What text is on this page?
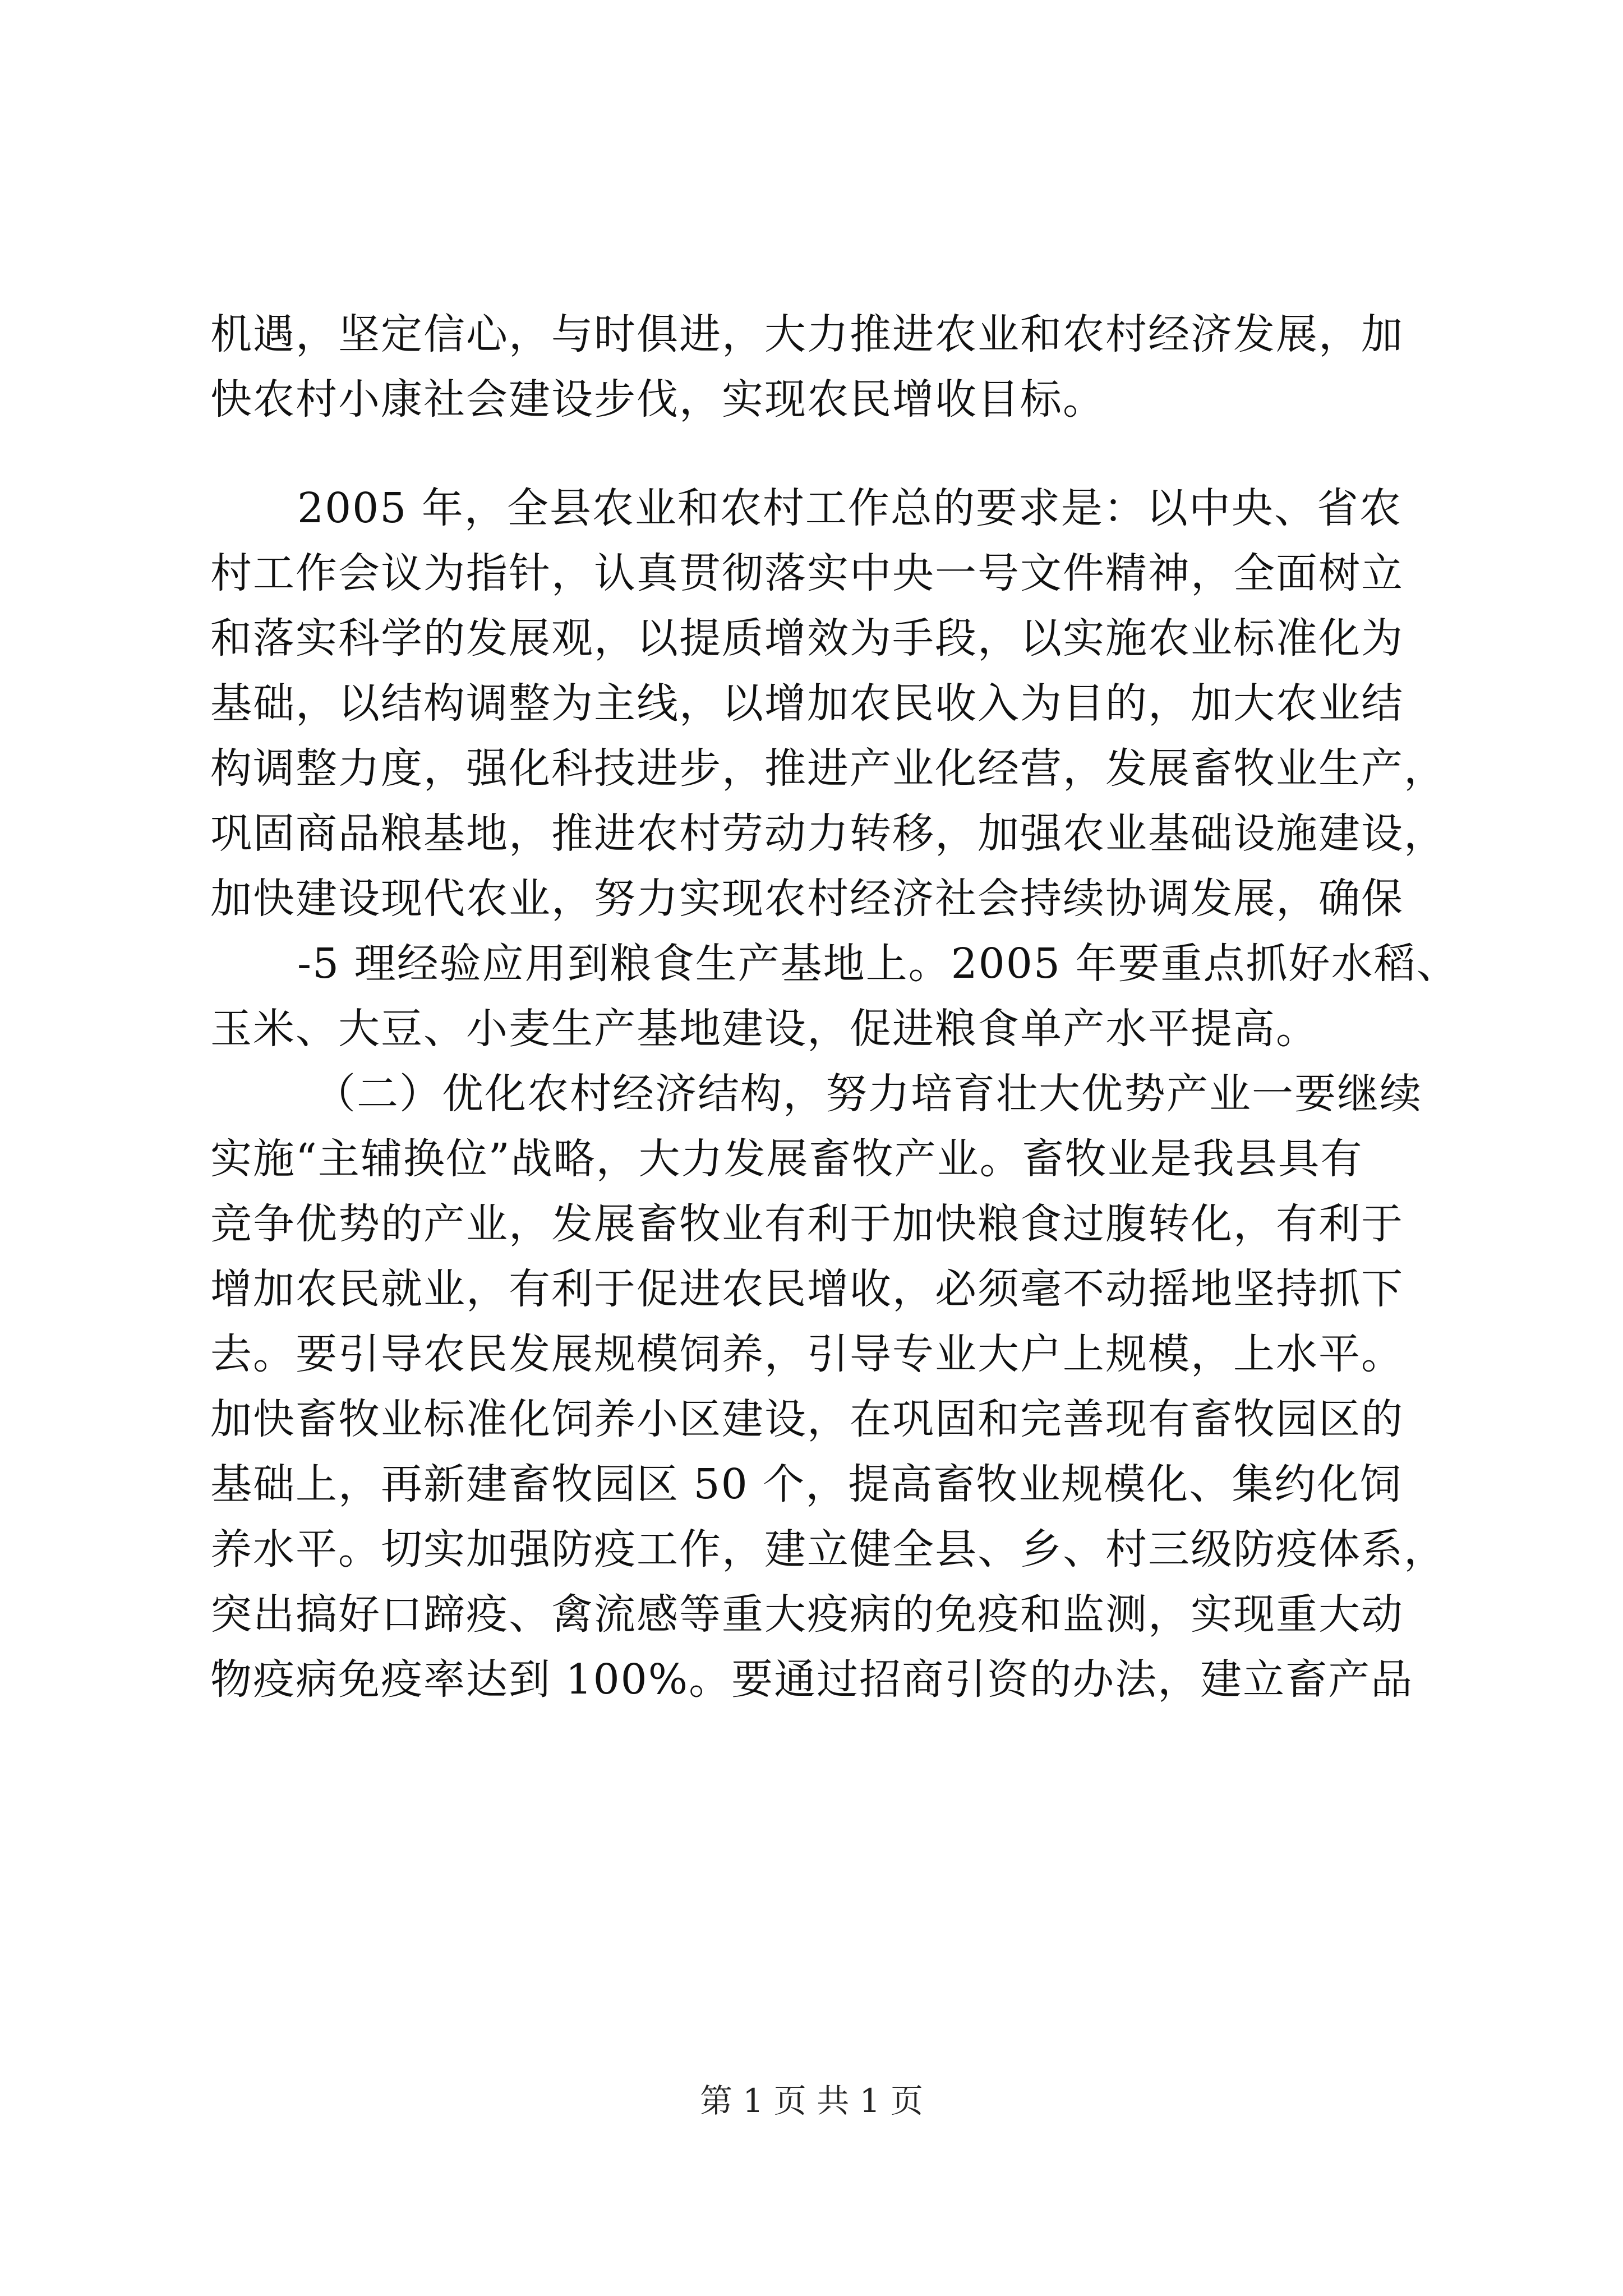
机遇，坚定信心，与时俱进，大力推进农业和农村经济发展，加
快农村小康社会建设步伐，实现农民增收目标。
2005 年，全县农业和农村工作总的要求是：以中央、省农
村工作会议为指针，认真贯彻落实中央一号文件精神，全面树立
和落实科学的发展观，以提质增效为手段，以实施农业标准化为
基础，以结构调整为主线，以增加农民收入为目的，加大农业结
构调整力度，强化科技进步，推进产业化经营，发展畜牧业生产，
巩固商品粮基地，推进农村劳动力转移，加强农业基础设施建设，
加快建设现代农业，努力实现农村经济社会持续协调发展，确保
-5 理经验应用到粮食生产基地上。2005 年要重点抓好水稻、
玉米、大豆、小麦生产基地建设，促进粮食单产水平提高。
（二）优化农村经济结构，努力培育壮大优势产业一要继续
实施“主辅换位”战略，大力发展畜牧产业。畜牧业是我县具有
竞争优势的产业，发展畜牧业有利于加快粮食过腹转化，有利于
增加农民就业，有利于促进农民增收，必须毫不动摇地坚持抓下
去。要引导农民发展规模饲养，引导专业大户上规模，上水平。
加快畜牧业标准化饲养小区建设，在巩固和完善现有畜牧园区的
基础上，再新建畜牧园区 50 个，提高畜牧业规模化、集约化饲
养水平。切实加强防疫工作，建立健全县、乡、村三级防疫体系，
突出搞好口蹄疫、禽流感等重大疫病的免疫和监测，实现重大动
物疫病免疫率达到 100%。要通过招商引资的办法，建立畜产品
第 1 页 共 1 页
